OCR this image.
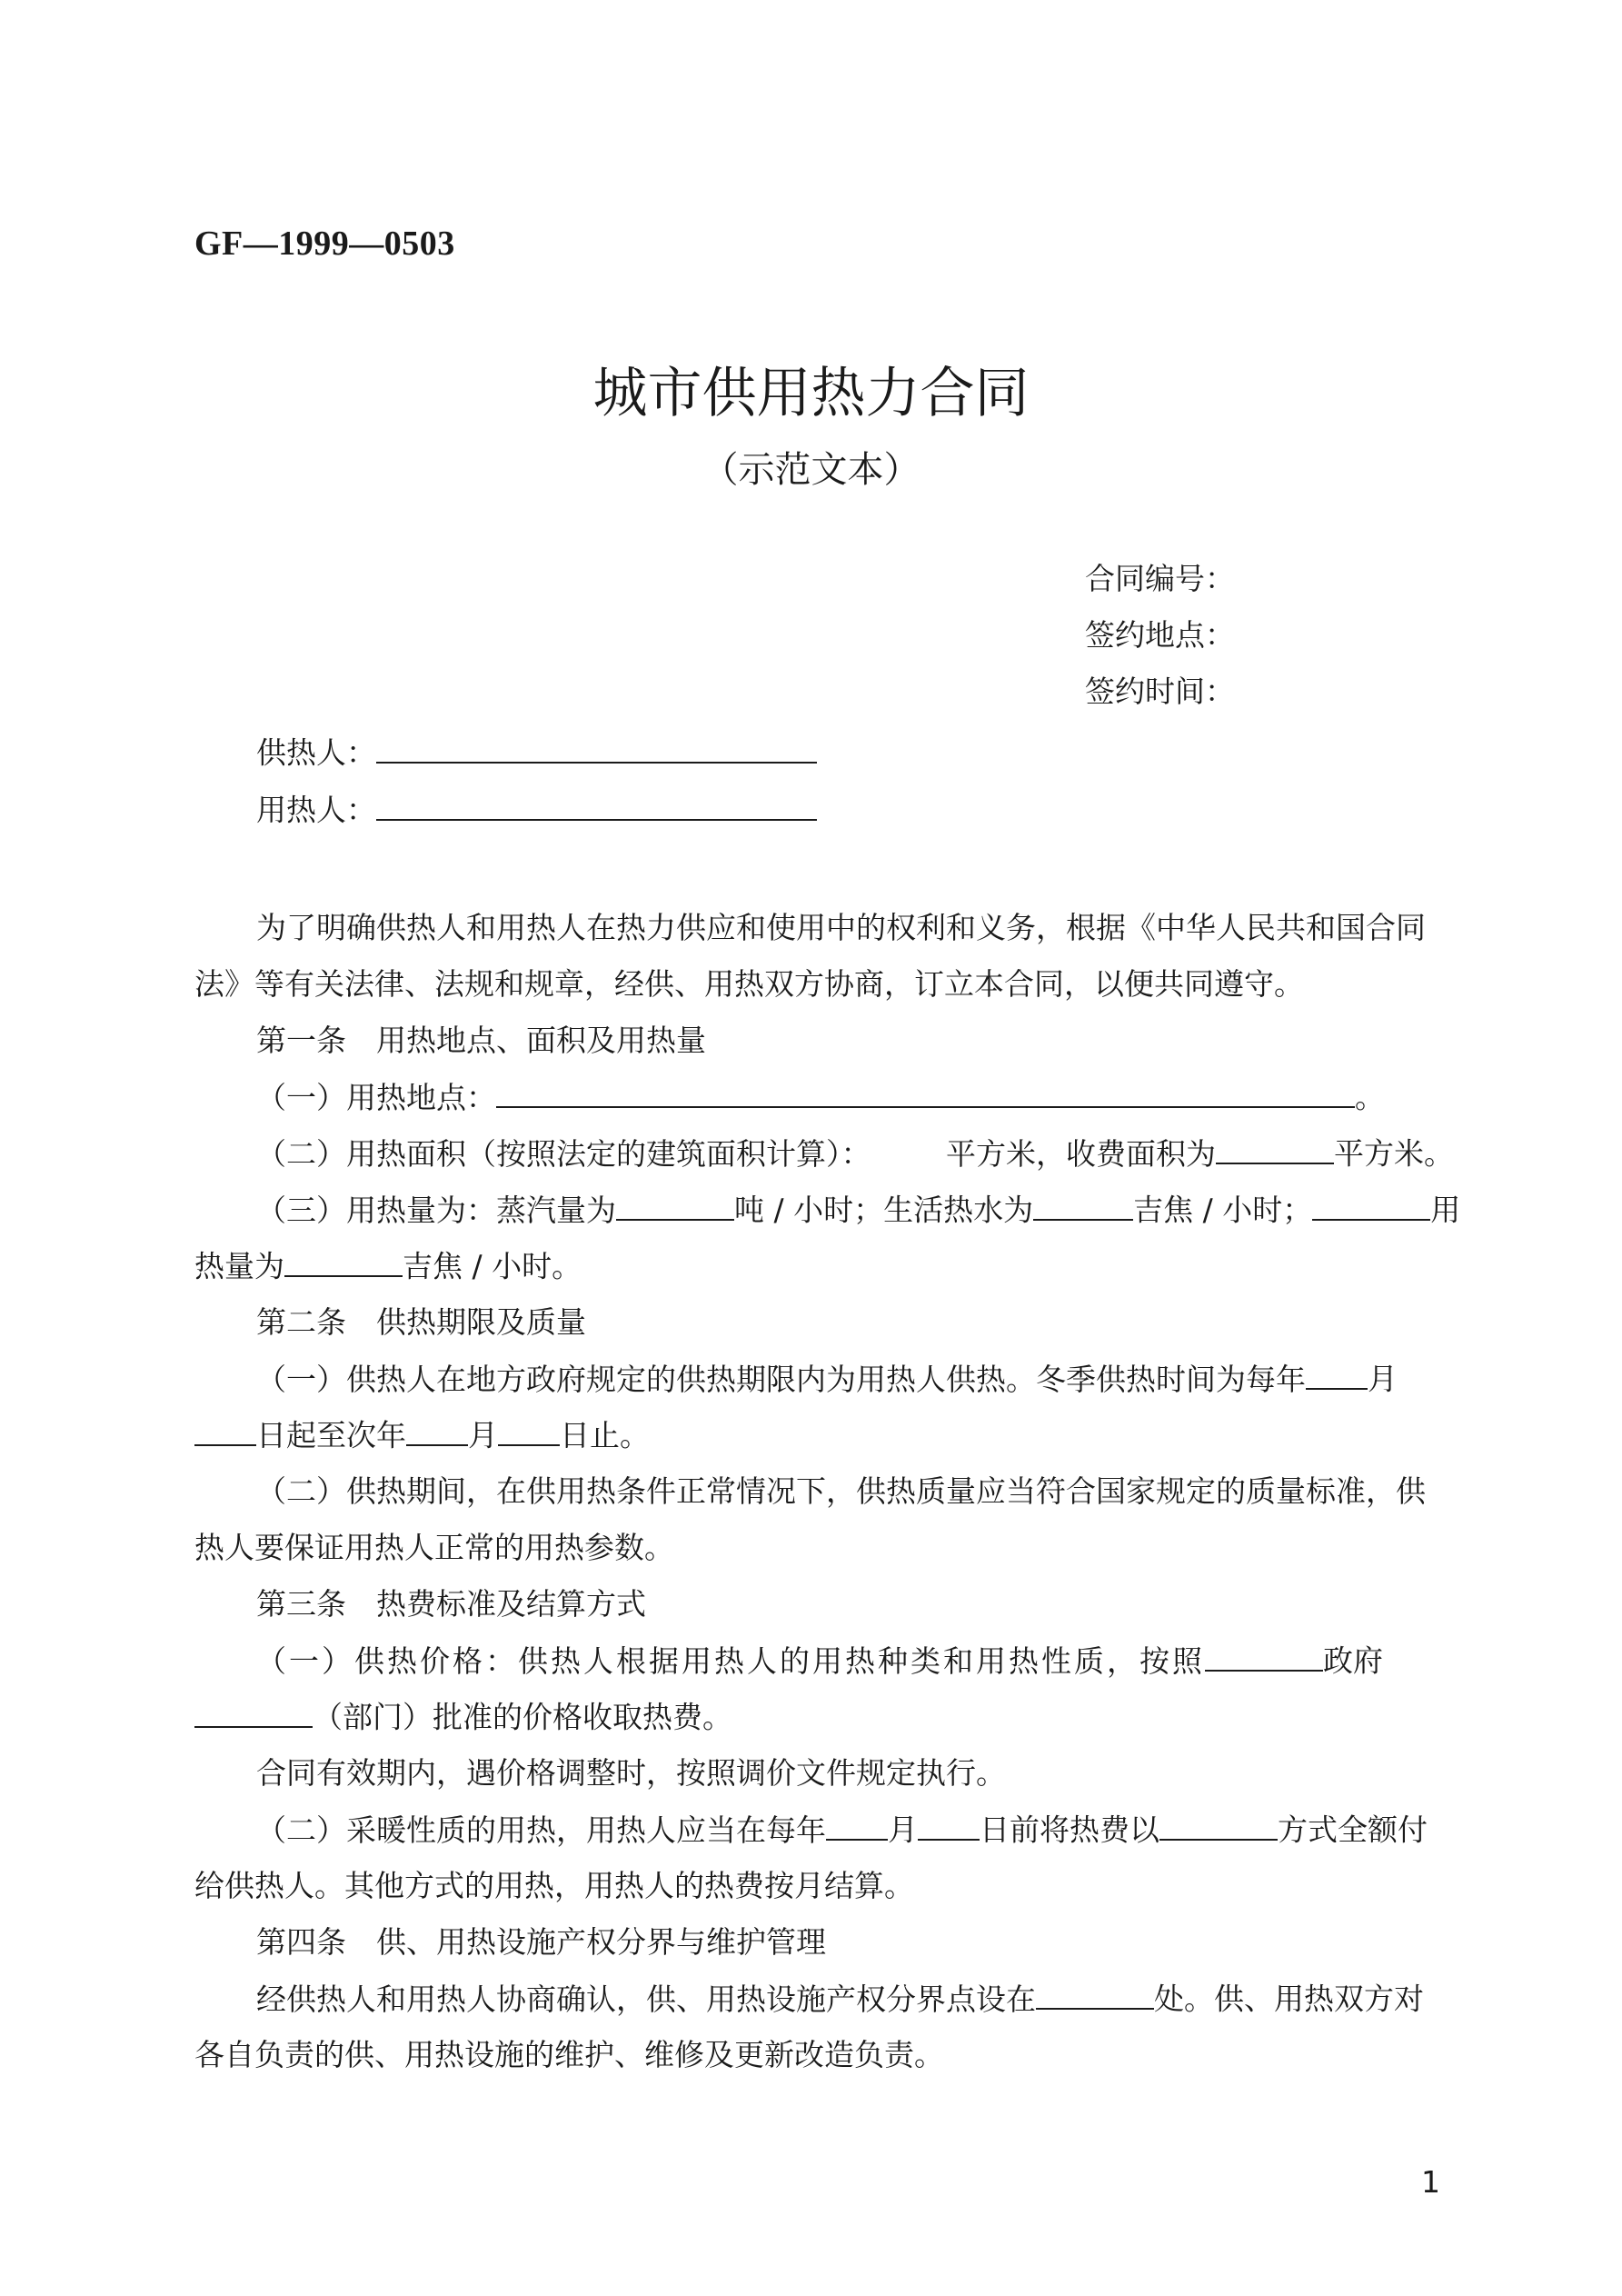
GF—1999—0503
城市供用热力合同
（示范文本）
合同编号：
签约地点：
签约时间：
供热人：
用热人：
为了明确供热人和用热人在热力供应和使用中的权利和义务，根据《中华人民共和国合同
法》等有关法律、法规和规章，经供、用热双方协商，订立本合同，以便共同遵守。
第一条　用热地点、面积及用热量
（一）用热地点：	。
（二）用热面积（按照法定的建筑面积计算）：　　　平方米，收费面积为	平方米。
（三）用热量为：蒸汽量为	吨 / 小时；生活热水为	吉焦 / 小时；	用
热量为	吉焦 / 小时。
第二条　供热期限及质量
（一）供热人在地方政府规定的供热期限内为用热人供热。冬季供热时间为每年 月
日起至次年 月 日止。
（二）供热期间，在供用热条件正常情况下，供热质量应当符合国家规定的质量标准，供
热人要保证用热人正常的用热参数。
第三条　热费标准及结算方式
（一）供热价格：供热人根据用热人的用热种类和用热性质，按照	政府
（部门）批准的价格收取热费。
合同有效期内，遇价格调整时，按照调价文件规定执行。
（二）采暖性质的用热，用热人应当在每年 月 日前将热费以	方式全额付
给供热人。其他方式的用热，用热人的热费按月结算。
第四条　供、用热设施产权分界与维护管理
经供热人和用热人协商确认，供、用热设施产权分界点设在	处。供、用热双方对
各自负责的供、用热设施的维护、维修及更新改造负责。
1
